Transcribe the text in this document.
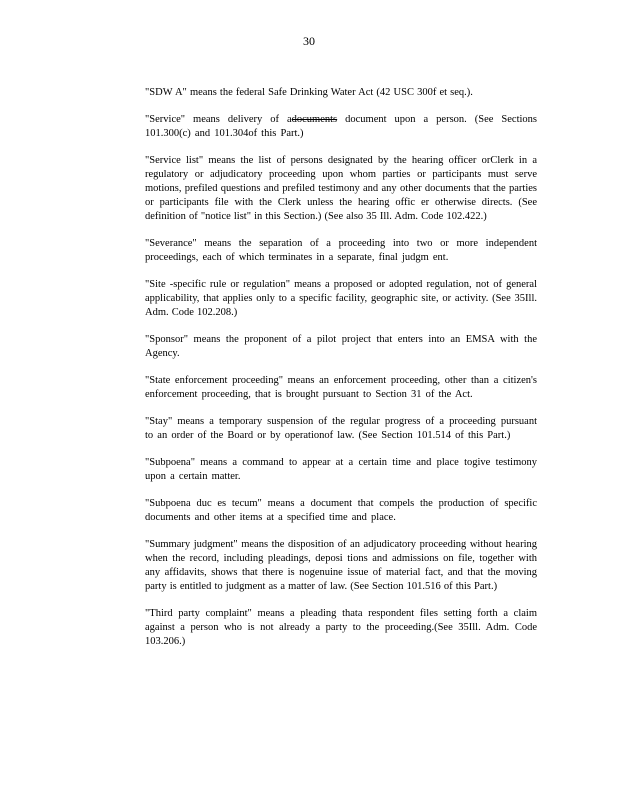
30

"SDW A" means the federal Safe Drinking Water Act (42 USC 300f et seq.).

"Service" means delivery of adocuments document upon a person. (See Sections 101.300(c) and 101.304of this Part.)

"Service list" means the list of persons designated by the hearing officer orClerk in a regulatory or adjudicatory proceeding upon whom parties or participants must serve motions, prefiled questions and prefiled testimony and any other documents that the parties or participants file with the Clerk unless the hearing offic er otherwise directs. (See definition of "notice list" in this Section.) (See also 35 Ill. Adm. Code 102.422.)

"Severance" means the separation of a proceeding into two or more independent proceedings, each of which terminates in a separate, final judgm ent.

"Site -specific rule or regulation" means a proposed or adopted regulation, not of general applicability, that applies only to a specific facility, geographic site, or activity. (See 35Ill. Adm. Code 102.208.)

"Sponsor" means the proponent of a pilot project that enters into an EMSA with the Agency.

"State enforcement proceeding" means an enforcement proceeding, other than a citizen's enforcement proceeding, that is brought pursuant to Section 31 of the Act.

"Stay" means a temporary suspension of the regular progress of a proceeding pursuant to an order of the Board or by operationof law. (See Section 101.514 of this Part.)

"Subpoena" means a command to appear at a certain time and place togive testimony upon a certain matter.

"Subpoena duc es tecum" means a document that compels the production of specific documents and other items at a specified time and place.

"Summary judgment" means the disposition of an adjudicatory proceeding without hearing when the record, including pleadings, deposi tions and admissions on file, together with any affidavits, shows that there is nogenuine issue of material fact, and that the moving party is entitled to judgment as a matter of law. (See Section 101.516 of this Part.)

"Third party complaint" means a pleading thata respondent files setting forth a claim against a person who is not already a party to the proceeding.(See 35Ill. Adm. Code 103.206.)
